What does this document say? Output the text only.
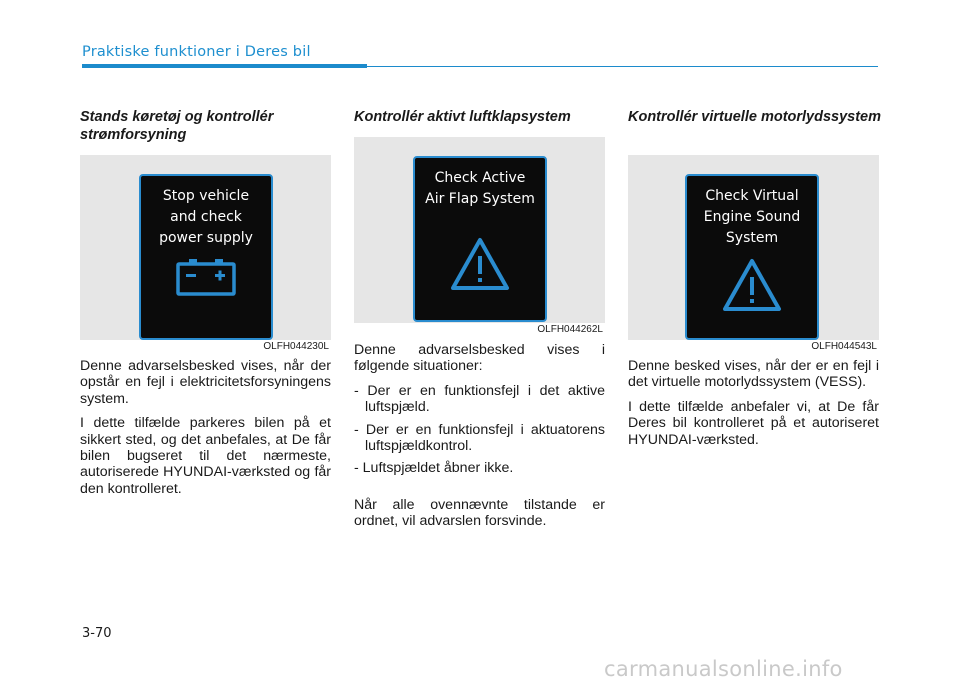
Praktiske funktioner i Deres bil
Stands køretøj og kontrollér strømforsyning
Stop vehicle
and check
power supply
OLFH044230L

Denne advarselsbesked vises, når der opstår en fejl i elektricitetsforsyningens system.

I dette tilfælde parkeres bilen på et sikkert sted, og det anbefales, at De får bilen bugseret til det nærmeste, autoriserede HYUNDAI-værksted og får den kontrolleret.

Kontrollér aktivt luftklapsystem
Check Active
Air Flap System
OLFH044262L

Denne advarselsbesked vises i følgende situationer:

- Der er en funktionsfejl i det aktive luftspjæld.
- Der er en funktionsfejl i aktuatorens luftspjældkontrol.
- Luftspjældet åbner ikke.

Når alle ovennævnte tilstande er ordnet, vil advarslen forsvinde.

Kontrollér virtuelle motorlydssystem
Check Virtual
Engine Sound
System
OLFH044543L

Denne besked vises, når der er en fejl i det virtuelle motorlydssystem (VESS).

I dette tilfælde anbefaler vi, at De får Deres bil kontrolleret på et autoriseret HYUNDAI-værksted.

3-70
carmanualsonline.info
